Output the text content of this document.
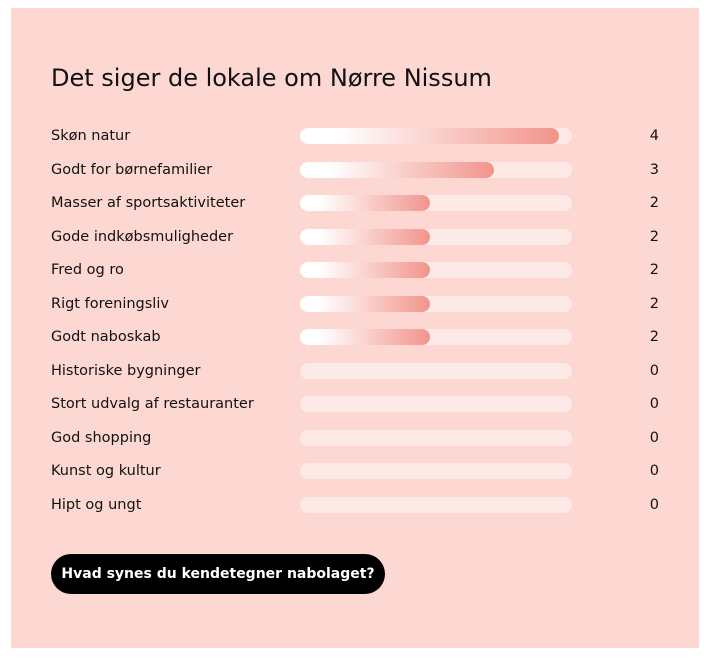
Det siger de lokale om Nørre Nissum
Skøn natur	4
Godt for børnefamilier	3
Masser af sportsaktiviteter	2
Gode indkøbsmuligheder	2
Fred og ro	2
Rigt foreningsliv	2
Godt naboskab	2
Historiske bygninger	0
Stort udvalg af restauranter	0
God shopping	0
Kunst og kultur	0
Hipt og ungt	0
Hvad synes du kendetegner nabolaget?
